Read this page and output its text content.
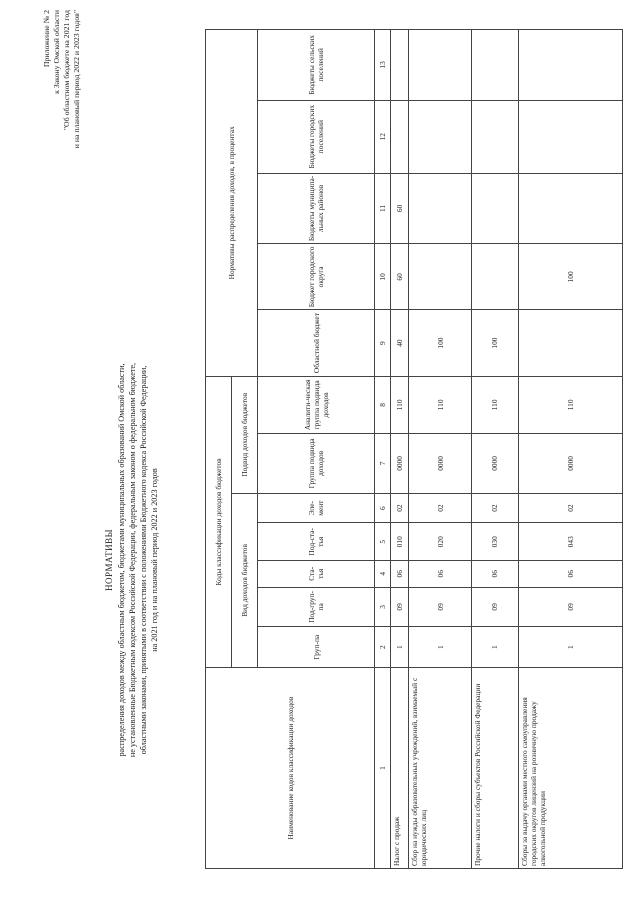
Приложение № 2 к Закону Омской области "Об областном бюджете на 2021 год и на плановый период 2022 и 2023 годов"
НОРМАТИВЫ распределения доходов между областным бюджетом, бюджетами муниципальных образований Омской области, не установленные Бюджетным кодексом Российской Федерации, федеральным законом о федеральном бюджете, областными законами, принятыми в соответствии с положениями Бюджетного кодекса Российской Федерации, на 2021 год и на плановый период 2022 и 2023 годов
Наименование кодов классификации доходов	Коды классификации доходов бюджетов							Нормативы распределения доходов, в процентах				
	Вид доходов бюджетов					Подвид доходов бюджетов						
	Груп-па	Под-груп-па	Ста-тья	Под-ста-тья	Эле-мент	Группа подвида доходов	Аналити-ческая группа подвида доходов	Областной бюджет	Бюджет городского округа	Бюджеты муниципа-льных районов	Бюджеты городских поселений	Бюджеты сельских поселений
1	2	3	4	5	6	7	8	9	10	11	12	13
Налог с продаж	1	09	06	010	02	0000	110	40	60	60		
Сбор на нужды образовательных учреждений, взимаемый с юридических лиц	1	09	06	020	02	0000	110	100				
Прочие налоги и сборы субъектов Российской Федерации	1	09	06	030	02	0000	110	100				
Сборы за выдачу органами местного самоуправления городских округов лицензий на розничную продажу алкогольной продукции	1	09	06	043	02	0000	110		100			
